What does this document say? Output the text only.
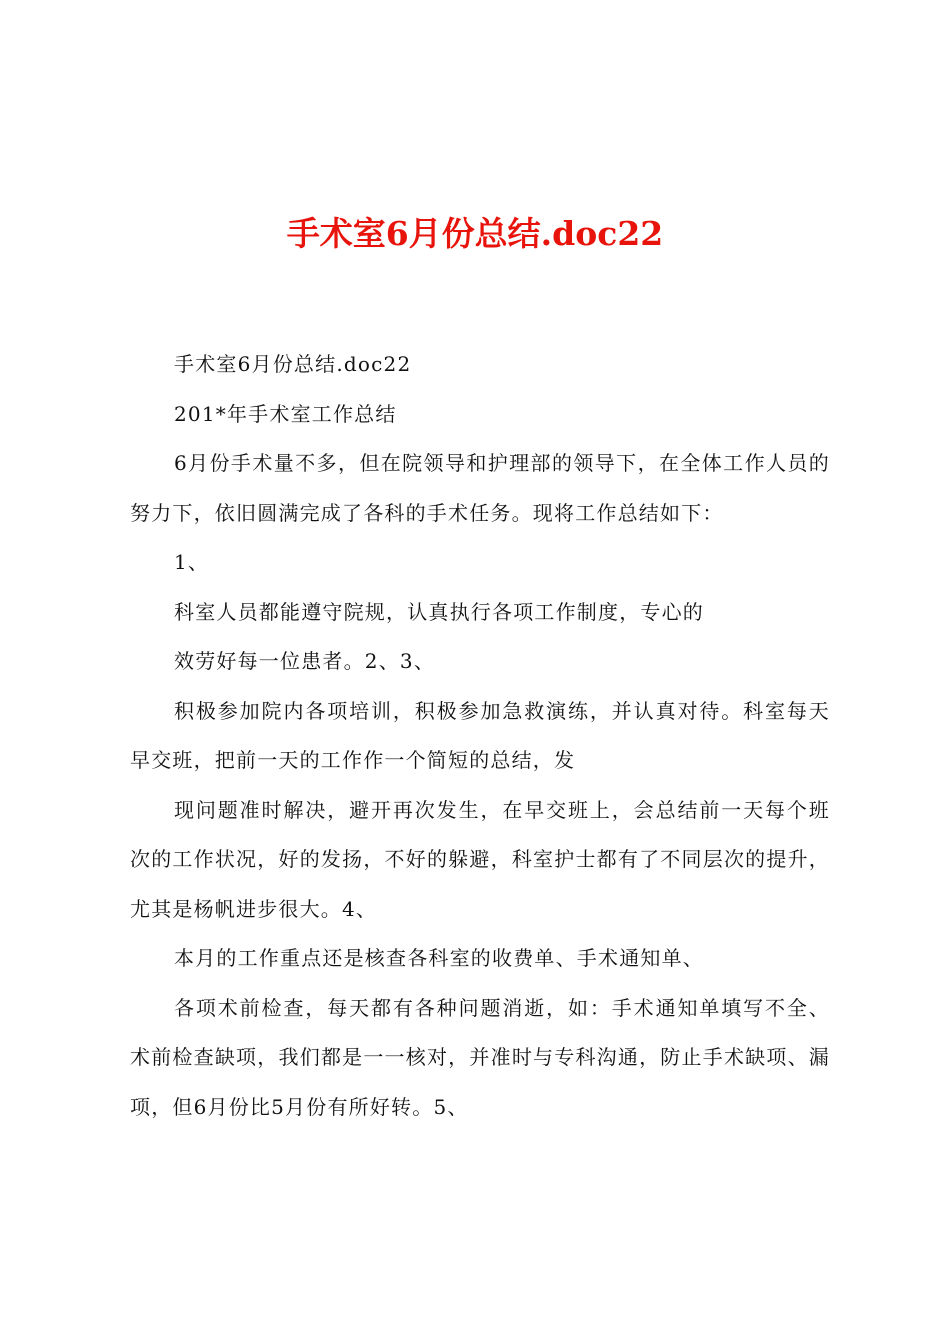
手术室6月份总结.doc22

手术室6月份总结.doc22

201*年手术室工作总结

6月份手术量不多，但在院领导和护理部的领导下，在全体工作人员的努力下，依旧圆满完成了各科的手术任务。现将工作总结如下：

1、

科室人员都能遵守院规，认真执行各项工作制度，专心的

效劳好每一位患者。2、3、

积极参加院内各项培训，积极参加急救演练，并认真对待。科室每天早交班，把前一天的工作作一个简短的总结，发

现问题准时解决，避开再次发生，在早交班上，会总结前一天每个班次的工作状况，好的发扬，不好的躲避，科室护士都有了不同层次的提升，尤其是杨帆进步很大。4、

本月的工作重点还是核查各科室的收费单、手术通知单、

各项术前检查，每天都有各种问题消逝，如：手术通知单填写不全、术前检查缺项，我们都是一一核对，并准时与专科沟通，防止手术缺项、漏项，但6月份比5月份有所好转。5、
